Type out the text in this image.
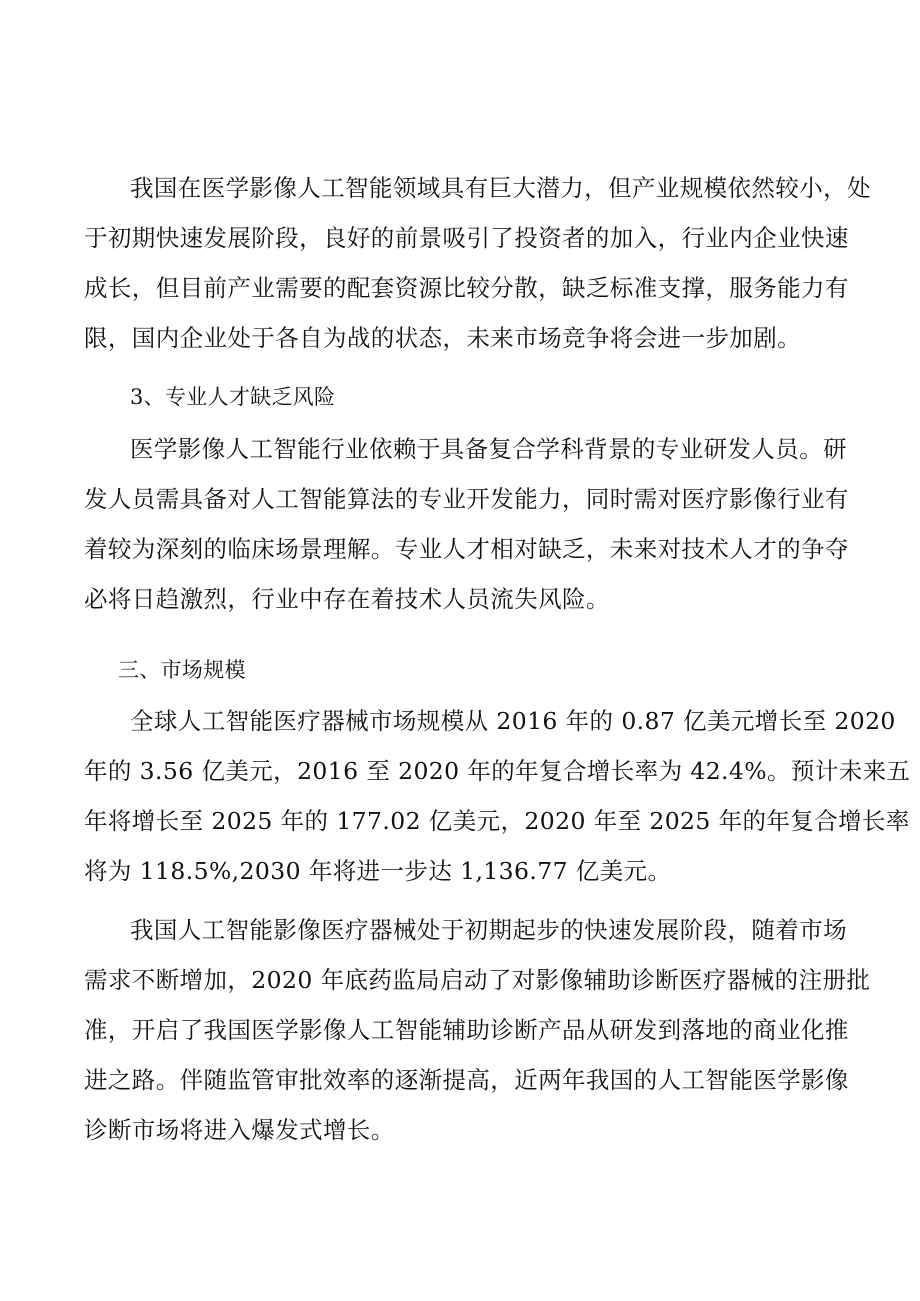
我国在医学影像人工智能领域具有巨大潜力，但产业规模依然较小，处
于初期快速发展阶段，良好的前景吸引了投资者的加入，行业内企业快速
成长，但目前产业需要的配套资源比较分散，缺乏标准支撑，服务能力有
限，国内企业处于各自为战的状态，未来市场竞争将会进一步加剧。
3、专业人才缺乏风险
医学影像人工智能行业依赖于具备复合学科背景的专业研发人员。研
发人员需具备对人工智能算法的专业开发能力，同时需对医疗影像行业有
着较为深刻的临床场景理解。专业人才相对缺乏，未来对技术人才的争夺
必将日趋激烈，行业中存在着技术人员流失风险。
三、市场规模
全球人工智能医疗器械市场规模从 2016 年的 0.87 亿美元增长至 2020
年的 3.56 亿美元，2016 至 2020 年的年复合增长率为 42.4%。预计未来五
年将增长至 2025 年的 177.02 亿美元，2020 年至 2025 年的年复合增长率
将为 118.5%,2030 年将进一步达 1,136.77 亿美元。
我国人工智能影像医疗器械处于初期起步的快速发展阶段，随着市场
需求不断增加，2020 年底药监局启动了对影像辅助诊断医疗器械的注册批
准，开启了我国医学影像人工智能辅助诊断产品从研发到落地的商业化推
进之路。伴随监管审批效率的逐渐提高，近两年我国的人工智能医学影像
诊断市场将进入爆发式增长。
